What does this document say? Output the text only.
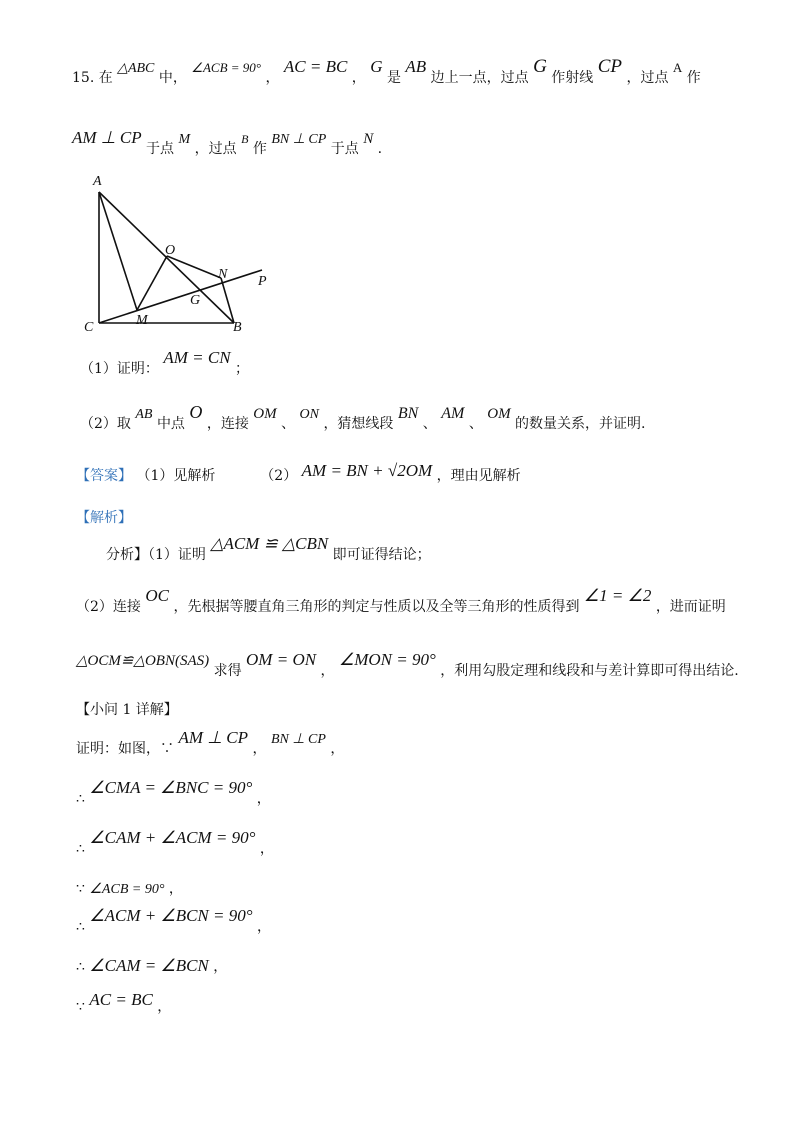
15. 在 △ABC 中， ∠ACB = 90° ， AC = BC ， G 是 AB 边上一点，过点 G 作射线 CP ，过点 A 作
AM ⊥ CP 于点 M ，过点 B 作 BN ⊥ CP 于点 N .
A
O
N P
G
C	M	B
（1）证明： AM = CN ；
（2）取 AB 中点 O ，连接 OM 、 ON ，猜想线段 BN 、 AM 、 OM 的数量关系，并证明.
【答案】 （1）见解析	（2） AM = BN + √2OM ，理由见解析
【解析】
分析】（1）证明 △ACM ≌ △CBN 即可证得结论；
（2）连接 OC ，先根据等腰直角三角形的判定与性质以及全等三角形的性质得到 ∠1 = ∠2 ，进而证明
△OCM≌△OBN(SAS) 求得 OM = ON ， ∠MON = 90° ，利用勾股定理和线段和与差计算即可得出结论.
【小问 1 详解】
证明：如图，∵ AM ⊥ CP ， BN ⊥ CP ，
∴ ∠CMA = ∠BNC = 90° ，
∴ ∠CAM + ∠ACM = 90° ，
∵ ∠ACB = 90° ，
∴ ∠ACM + ∠BCN = 90° ，
∴ ∠CAM = ∠BCN ，
∵ AC = BC ，
